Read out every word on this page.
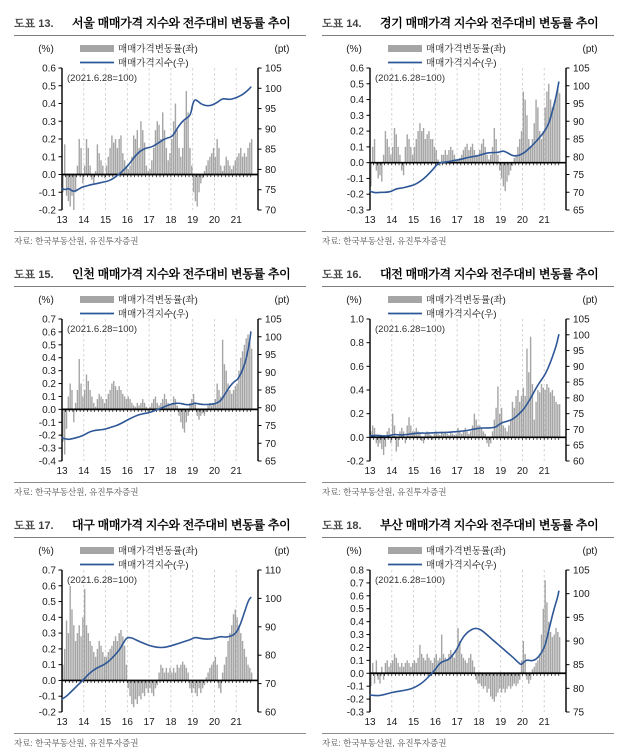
도표 13.	서울 매매가격 지수와 전주대비 변동률 추이
0.6
0.5
0.4
0.3
0.2
0.1
0.0
-0.1
-0.2
105
100
95
90
85
80
75
70
13 14 15 16 17 18 19 20 21
(%)	(pt)
매매가격변동률(좌)
매매가격지수(우)
(2021.6.28=100)
자료: 한국부동산원, 유진투자증권
도표 14.	경기 매매가격 지수와 전주대비 변동률 추이
0.6
0.5
0.4
0.3
0.2
0.1
0.0
-0.1
-0.2
-0.3
105
100
95
90
85
80
75
70
65
13 14 15 16 17 18 19 20 21
(%)	(pt)
매매가격변동률(좌)
매매가격지수(우)
(2021.6.28=100)
자료: 한국부동산원, 유진투자증권
도표 15.	인천 매매가격 지수와 전주대비 변동률 추이
0.7
0.6
0.5
0.4
0.3
0.2
0.1
0.0
-0.1
-0.2
-0.3
-0.4
105
100
95
90
85
80
75
70
65
13 14 15 16 17 18 19 20 21
(%)	(pt)
매매가격변동률(좌)
매매가격지수(우)
(2021.6.28=100)
자료: 한국부동산원, 유진투자증권
도표 16.	대전 매매가격 지수와 전주대비 변동률 추이
1.0
0.8
0.6
0.4
0.2
0.0
-0.2
105
100
95
90
85
80
75
70
65
60
13 14 15 16 17 18 19 20 21
(%)	(pt)
매매가격변동률(좌)
매매가격지수(우)
(2021.6.28=100)
자료: 한국부동산원, 유진투자증권
도표 17.	대구 매매가격 지수와 전주대비 변동률 추이
0.7
0.6
0.5
0.4
0.3
0.2
0.1
0.0
-0.1
-0.2
110
100
90
80
70
60
13 14 15 16 17 18 19 20 21
(%)	(pt)
매매가격변동률(좌)
매매가격지수(우)
(2021.6.28=100)
자료: 한국부동산원, 유진투자증권
도표 18.	부산 매매가격 지수와 전주대비 변동률 추이
0.8
0.7
0.6
0.5
0.4
0.3
0.2
0.1
0.0
-0.1
-0.2
-0.3
105
100
95
90
85
80
75
13 14 15 16 17 18 19 20 21
(%)	(pt)
매매가격변동률(좌)
매매가격지수(우)
(2021.6.28=100)
자료: 한국부동산원, 유진투자증권
